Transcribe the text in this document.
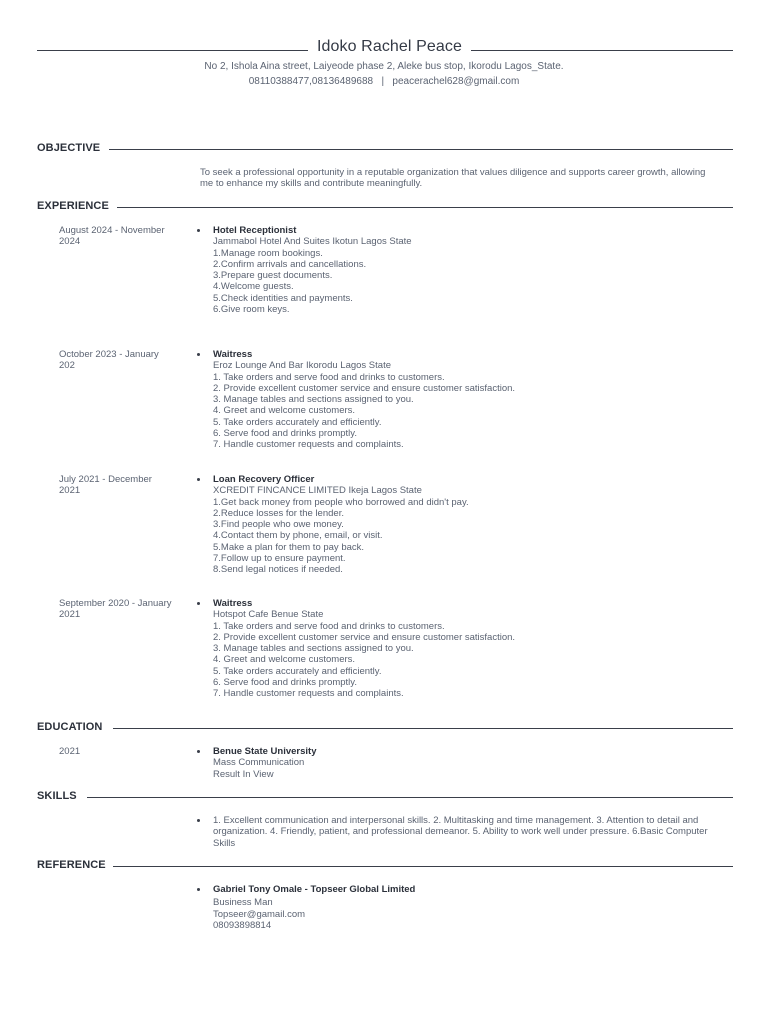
Idoko Rachel Peace
No 2, Ishola Aina street, Laiyeode phase 2, Aleke bus stop, Ikorodu Lagos_State.
08110388477,08136489688 | peacerachel628@gmail.com
OBJECTIVE
To seek a professional opportunity in a reputable organization that values diligence and supports career growth, allowing me to enhance my skills and contribute meaningfully.
EXPERIENCE
August 2024 - November 2024
Hotel Receptionist
Jammabol Hotel And Suites Ikotun Lagos State
1.Manage room bookings.
2.Confirm arrivals and cancellations.
3.Prepare guest documents.
4.Welcome guests.
5.Check identities and payments.
6.Give room keys.
October 2023 - January 202
Waitress
Eroz Lounge And Bar Ikorodu Lagos State
1. Take orders and serve food and drinks to customers.
2. Provide excellent customer service and ensure customer satisfaction.
3. Manage tables and sections assigned to you.
4. Greet and welcome customers.
5. Take orders accurately and efficiently.
6. Serve food and drinks promptly.
7. Handle customer requests and complaints.
July 2021 - December 2021
Loan Recovery Officer
XCREDIT FINCANCE LIMITED Ikeja Lagos State
1.Get back money from people who borrowed and didn't pay.
2.Reduce losses for the lender.
3.Find people who owe money.
4.Contact them by phone, email, or visit.
5.Make a plan for them to pay back.
7.Follow up to ensure payment.
8.Send legal notices if needed.
September 2020 - January 2021
Waitress
Hotspot Cafe Benue State
1. Take orders and serve food and drinks to customers.
2. Provide excellent customer service and ensure customer satisfaction.
3. Manage tables and sections assigned to you.
4. Greet and welcome customers.
5. Take orders accurately and efficiently.
6. Serve food and drinks promptly.
7. Handle customer requests and complaints.
EDUCATION
2021	Benue State University
Mass Communication
Result In View
SKILLS
1. Excellent communication and interpersonal skills. 2. Multitasking and time management. 3. Attention to detail and organization. 4. Friendly, patient, and professional demeanor. 5. Ability to work well under pressure. 6.Basic Computer Skills
REFERENCE
Gabriel Tony Omale - Topseer Global Limited
Business Man
Topseer@gamail.com
08093898814
